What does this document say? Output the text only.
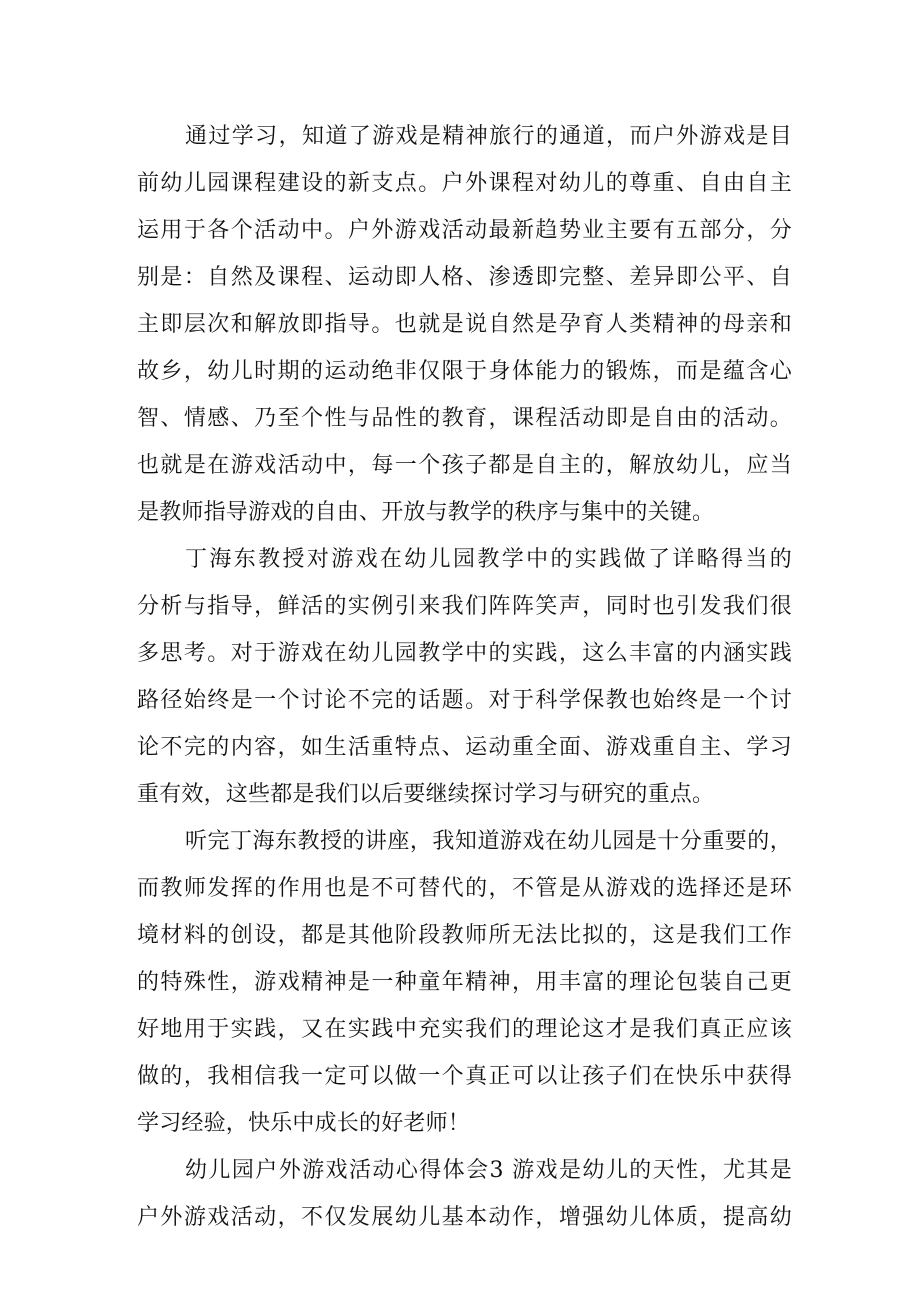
通过学习，知道了游戏是精神旅行的通道，而户外游戏是目
前幼儿园课程建设的新支点。户外课程对幼儿的尊重、自由自主
运用于各个活动中。户外游戏活动最新趋势业主要有五部分，分
别是：自然及课程、运动即人格、渗透即完整、差异即公平、自
主即层次和解放即指导。也就是说自然是孕育人类精神的母亲和
故乡，幼儿时期的运动绝非仅限于身体能力的锻炼，而是蕴含心
智、情感、乃至个性与品性的教育，课程活动即是自由的活动。
也就是在游戏活动中，每一个孩子都是自主的，解放幼儿，应当
是教师指导游戏的自由、开放与教学的秩序与集中的关键。
丁海东教授对游戏在幼儿园教学中的实践做了详略得当的
分析与指导，鲜活的实例引来我们阵阵笑声，同时也引发我们很
多思考。对于游戏在幼儿园教学中的实践，这么丰富的内涵实践
路径始终是一个讨论不完的话题。对于科学保教也始终是一个讨
论不完的内容，如生活重特点、运动重全面、游戏重自主、学习
重有效，这些都是我们以后要继续探讨学习与研究的重点。
听完丁海东教授的讲座，我知道游戏在幼儿园是十分重要的，
而教师发挥的作用也是不可替代的，不管是从游戏的选择还是环
境材料的创设，都是其他阶段教师所无法比拟的，这是我们工作
的特殊性，游戏精神是一种童年精神，用丰富的理论包装自己更
好地用于实践，又在实践中充实我们的理论这才是我们真正应该
做的，我相信我一定可以做一个真正可以让孩子们在快乐中获得
学习经验，快乐中成长的好老师！
幼儿园户外游戏活动心得体会3 游戏是幼儿的天性，尤其是
户外游戏活动，不仅发展幼儿基本动作，增强幼儿体质，提高幼
